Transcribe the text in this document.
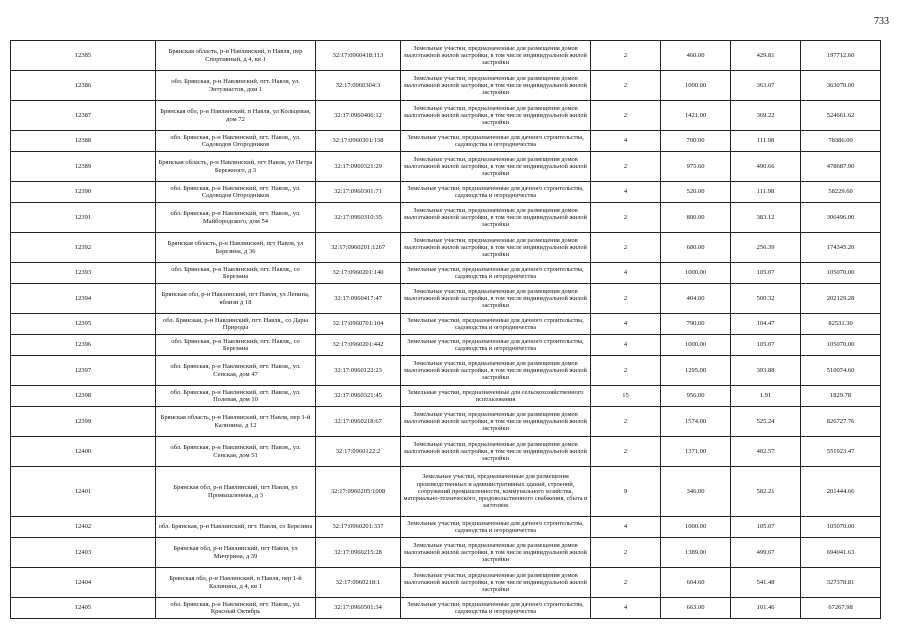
733
12385	Брянская область, р-н Навлинский, п Навля, пер Спортивный, д 4, кв 1	32:17:0960418:113	Земельные участки, предназначенные для размещения домов малоэтажной жилой застройки, в том числе индивидуальной жилой застройки	2	460.00	429.81	197712.60
12386	обл. Брянская, р-н Навлинский, пгт. Навля, ул. Энтузиастов, дом 1	32:17:0960304:3	Земельные участки, предназначенные для размещения домов малоэтажной жилой застройки, в том числе индивидуальной жилой застройки	2	1000.00	363.07	363070.00
12387	Брянская обл, р-н Навлинский, п Навля, ул Кольцевая, дом 72	32:17:0960406:12	Земельные участки, предназначенные для размещения домов малоэтажной жилой застройки, в том числе индивидуальной жилой застройки	2	1421.00	369.22	524661.62
12388	обл. Брянская, р-н Навлинский, пгт. Навля,, ул. Садоводов Огородников	32:17:0960301:138	Земельные участки, предназначенные для дачного строительства, садоводства и огородничества	4	700.00	111.98	78386.00
12389	Брянская область, р-н Навлинский, пгт Навля, ул Петра Бережного, д 3	32:17:0960321:29	Земельные участки, предназначенные для размещения домов малоэтажной жилой застройки, в том числе индивидуальной жилой застройки	2	975.60	490.66	478687.90
12390	обл. Брянская, р-н Навлинский, пгт. Навля,, ул. Садоводов Огородников	32:17:0960301:71	Земельные участки, предназначенные для дачного строительства, садоводства и огородничества	4	520.00	111.98	58229.60
12391	обл. Брянская, р-н Навлинский, пгт. Навля,, ул. Майбородского, дом 54	32:17:0960310:35	Земельные участки, предназначенные для размещения домов малоэтажной жилой застройки, в том числе индивидуальной жилой застройки	2	800.00	383.12	306496.00
12392	Брянская область, р-н Навлинский, пгт Навля, ул Березина, д 36	32:17:0960201:1267	Земельные участки, предназначенные для размещения домов малоэтажной жилой застройки, в том числе индивидуальной жилой застройки	2	680.00	256.39	174345.20
12393	обл. Брянская, р-н Навлинский, пгт. Навля,, со Березина	32:17:0960201:140	Земельные участки, предназначенные для дачного строительства, садоводства и огородничества	4	1000.00	105.07	105070.00
12394	Брянская обл, р-н Навлинский, пгт Навля, ул Ленина, вблизи д 18	32:17:0960417:47	Земельные участки, предназначенные для размещения домов малоэтажной жилой застройки, в том числе индивидуальной жилой застройки	2	404.00	500.32	202129.28
12395	обл. Брянская, р-н Навлинский, пгт. Навля,, со Дары Природы	32:17:0960701:104	Земельные участки, предназначенные для дачного строительства, садоводства и огородничества	4	790.00	104.47	82531.30
12396	обл. Брянская, р-н Навлинский, пгт. Навля,, со Березина	32:17:0960201:442	Земельные участки, предназначенные для дачного строительства, садоводства и огородничества	4	1000.00	105.07	105070.00
12397	обл. Брянская, р-н Навлинский, пгт. Навля,, ул. Сенская, дом 47	32:17:0960122:23	Земельные участки, предназначенные для размещения домов малоэтажной жилой застройки, в том числе индивидуальной жилой застройки	2	1295.00	393.88	510074.60
12398	обл. Брянская, р-н Навлинский, пгт. Навля,, ул. Полевая, дом 10	32:17:0960321:45	Земельные участки, предназначенные для сельскохозяйственного использования	15	956.00	1.91	1829.78
12399	Брянская область, р-н Навлинский, пгт Навля, пер 1-й Калинина, д 12	32:17:0960218:67	Земельные участки, предназначенные для размещения домов малоэтажной жилой застройки, в том числе индивидуальной жилой застройки	2	1574.00	525.24	826727.76
12400	обл. Брянская, р-н Навлинский, пгт. Навля,, ул. Сенская, дом 51	32:17:0960122:2	Земельные участки, предназначенные для размещения домов малоэтажной жилой застройки, в том числе индивидуальной жилой застройки	2	1371.00	402.57	551923.47
12401	Брянская обл, р-н Навлинский, пгт Навля, ул Промышленная, д 3	32:17:0960205:1008	Земельные участки, предназначенные для размещения производственных и административных зданий, строений, сооружений промышленности, коммунального хозяйства, материально-технического, продовольственного снабжения, сбыта и заготовок	9	346.00	582.21	201444.66
12402	обл. Брянская, р-н Навлинский, пгт. Навля, со Березина	32:17:0960201:337	Земельные участки, предназначенные для дачного строительства, садоводства и огородничества	4	1000.00	105.07	105070.00
12403	Брянская обл, р-н Навлинский, пгт Навля, ул Мичурина, д 39	32:17:0960215:28	Земельные участки, предназначенные для размещения домов малоэтажной жилой застройки, в том числе индивидуальной жилой застройки	2	1389.00	499.67	694041.63
12404	Брянская обл, р-н Навлинский, п Навля, пер 1-й Калинина, д 4, кв 1	32:17:0960218:1	Земельные участки, предназначенные для размещения домов малоэтажной жилой застройки, в том числе индивидуальной жилой застройки	2	604.60	541.48	327378.81
12405	обл. Брянская, р-н Навлинский, пгт. Навля,, ул. Красный Октябрь	32:17:0960501:34	Земельные участки, предназначенные для дачного строительства, садоводства и огородничества	4	663.00	101.46	67267.98
